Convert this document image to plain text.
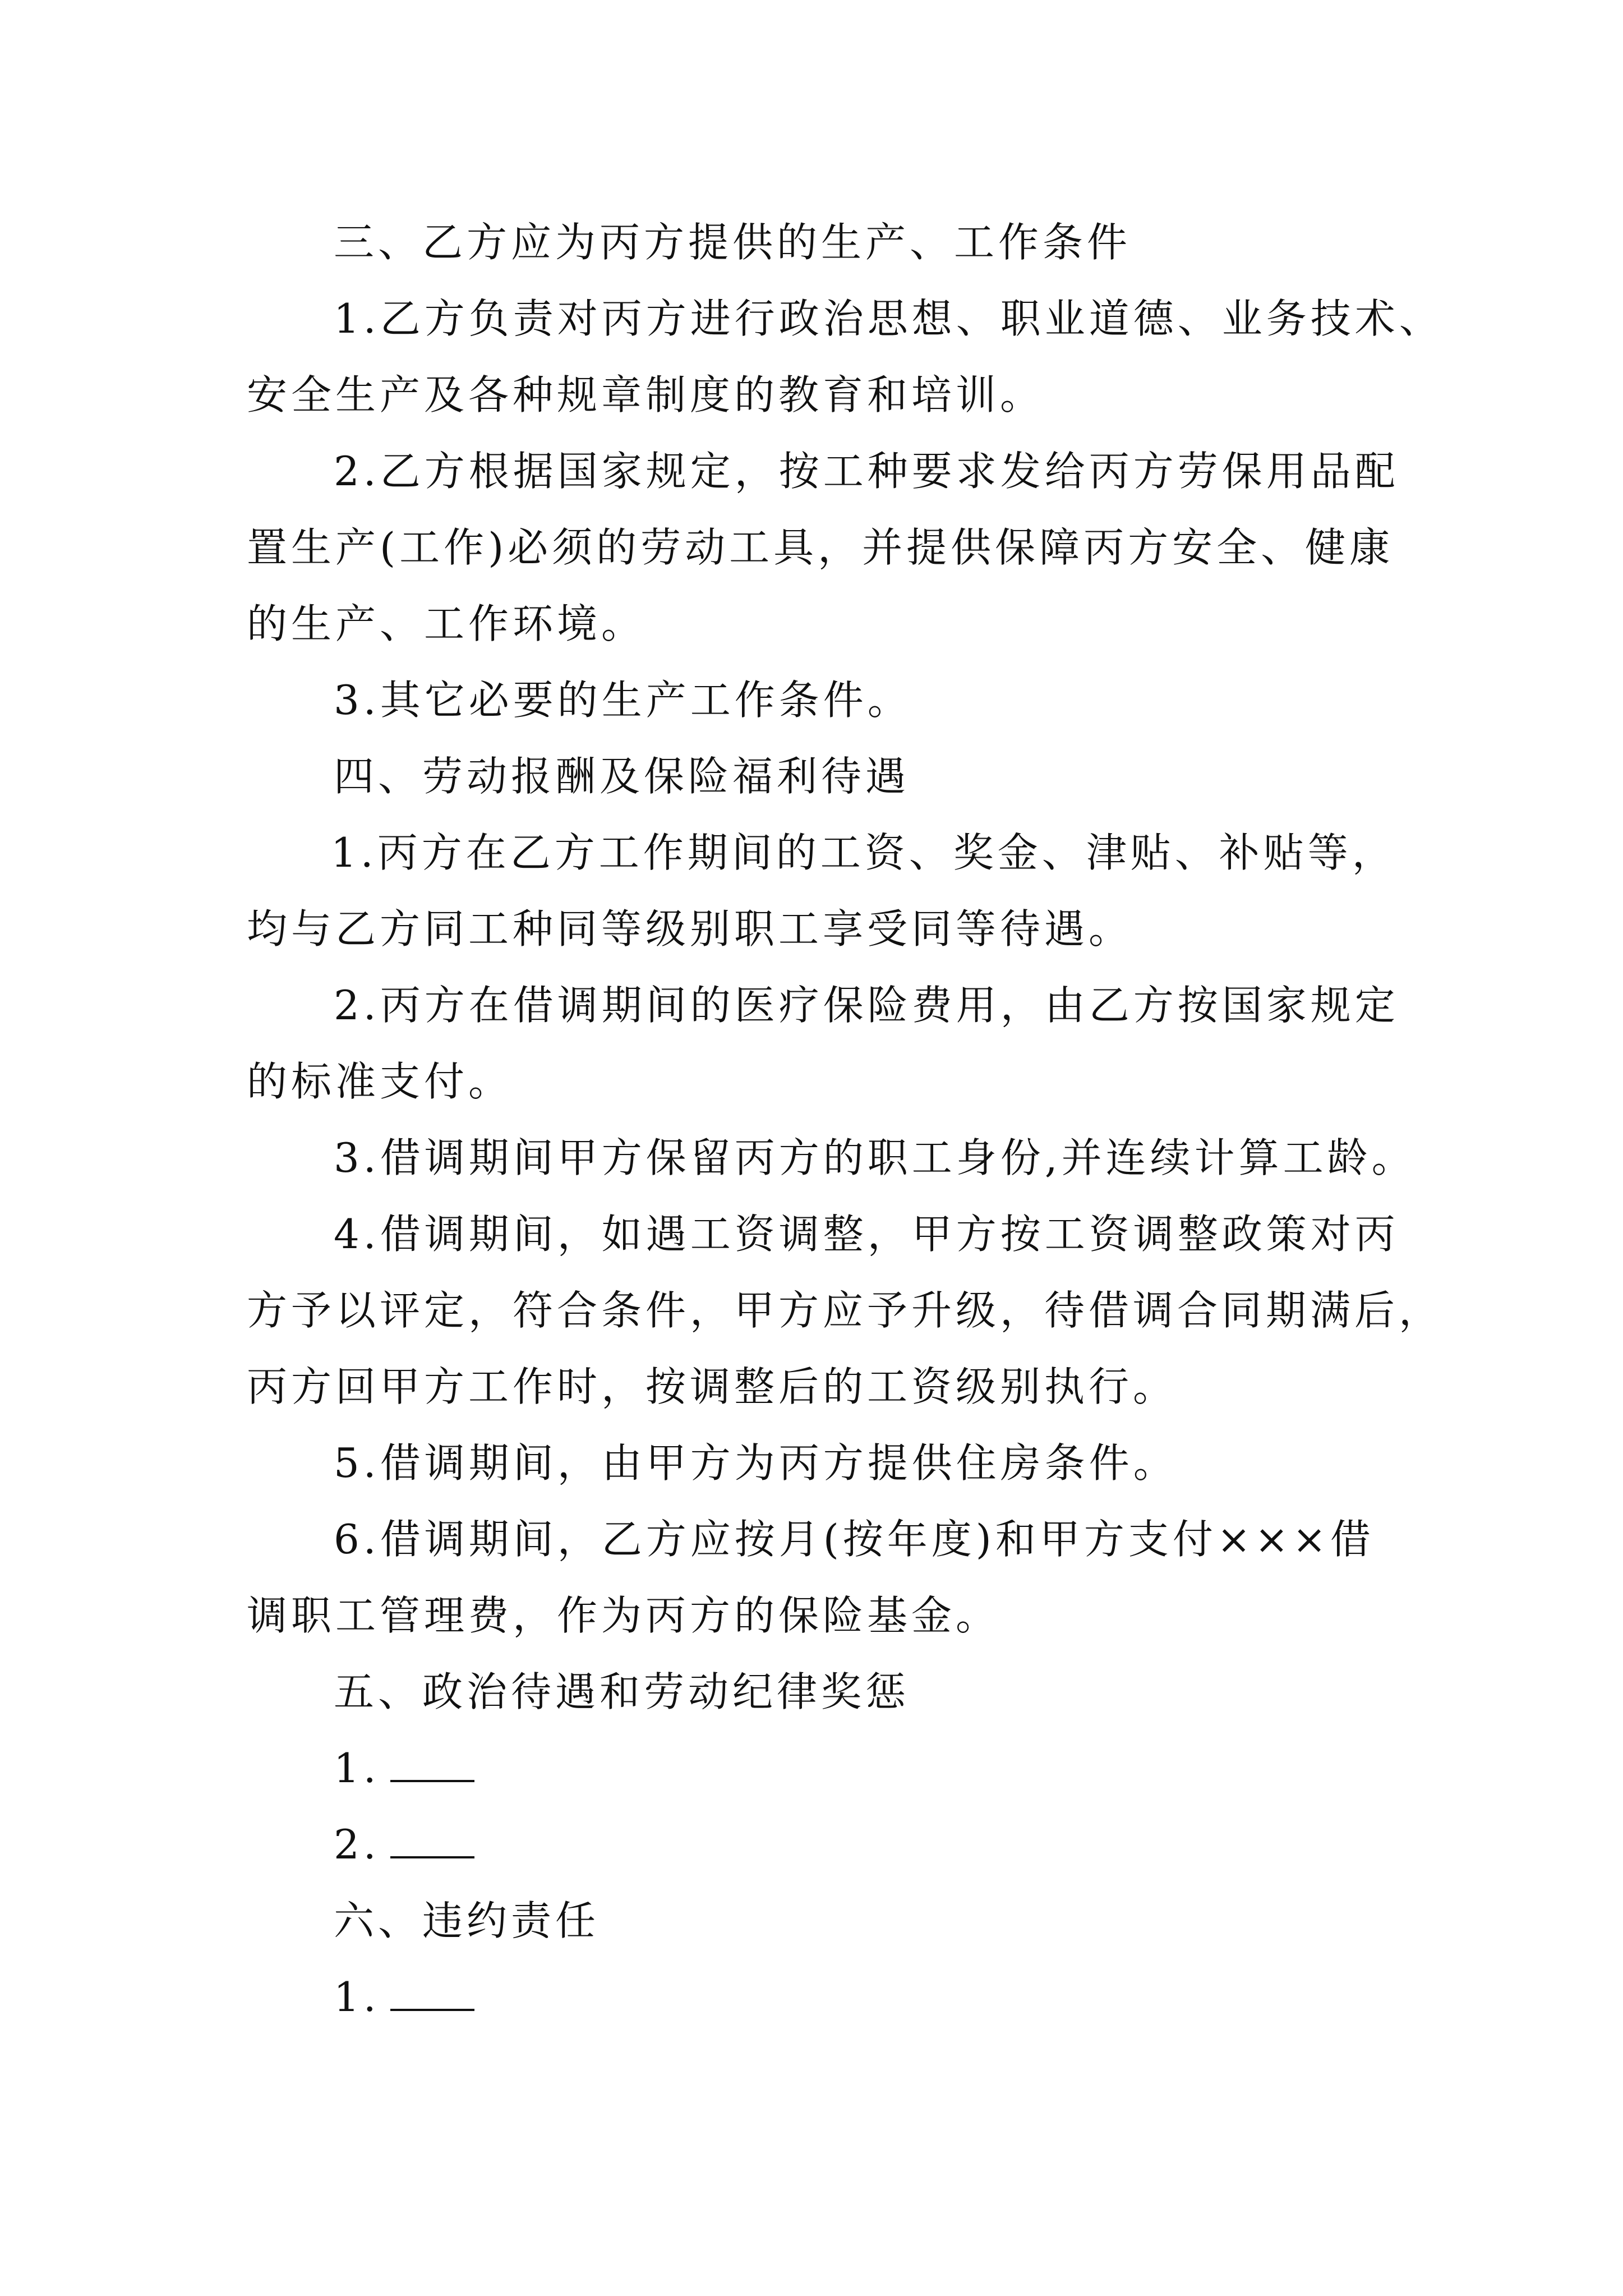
三、乙方应为丙方提供的生产、工作条件
1.乙方负责对丙方进行政治思想、职业道德、业务技术、
安全生产及各种规章制度的教育和培训。
2.乙方根据国家规定，按工种要求发给丙方劳保用品配
置生产(工作)必须的劳动工具，并提供保障丙方安全、健康
的生产、工作环境。
3.其它必要的生产工作条件。
四、劳动报酬及保险福利待遇
1.丙方在乙方工作期间的工资、奖金、津贴、补贴等，
均与乙方同工种同等级别职工享受同等待遇。
2.丙方在借调期间的医疗保险费用，由乙方按国家规定
的标准支付。
3.借调期间甲方保留丙方的职工身份,并连续计算工龄。
4.借调期间，如遇工资调整，甲方按工资调整政策对丙
方予以评定，符合条件，甲方应予升级，待借调合同期满后，
丙方回甲方工作时，按调整后的工资级别执行。
5.借调期间，由甲方为丙方提供住房条件。
6.借调期间，乙方应按月(按年度)和甲方支付×××借
调职工管理费，作为丙方的保险基金。
五、政治待遇和劳动纪律奖惩
1.
2.
六、违约责任
1.
